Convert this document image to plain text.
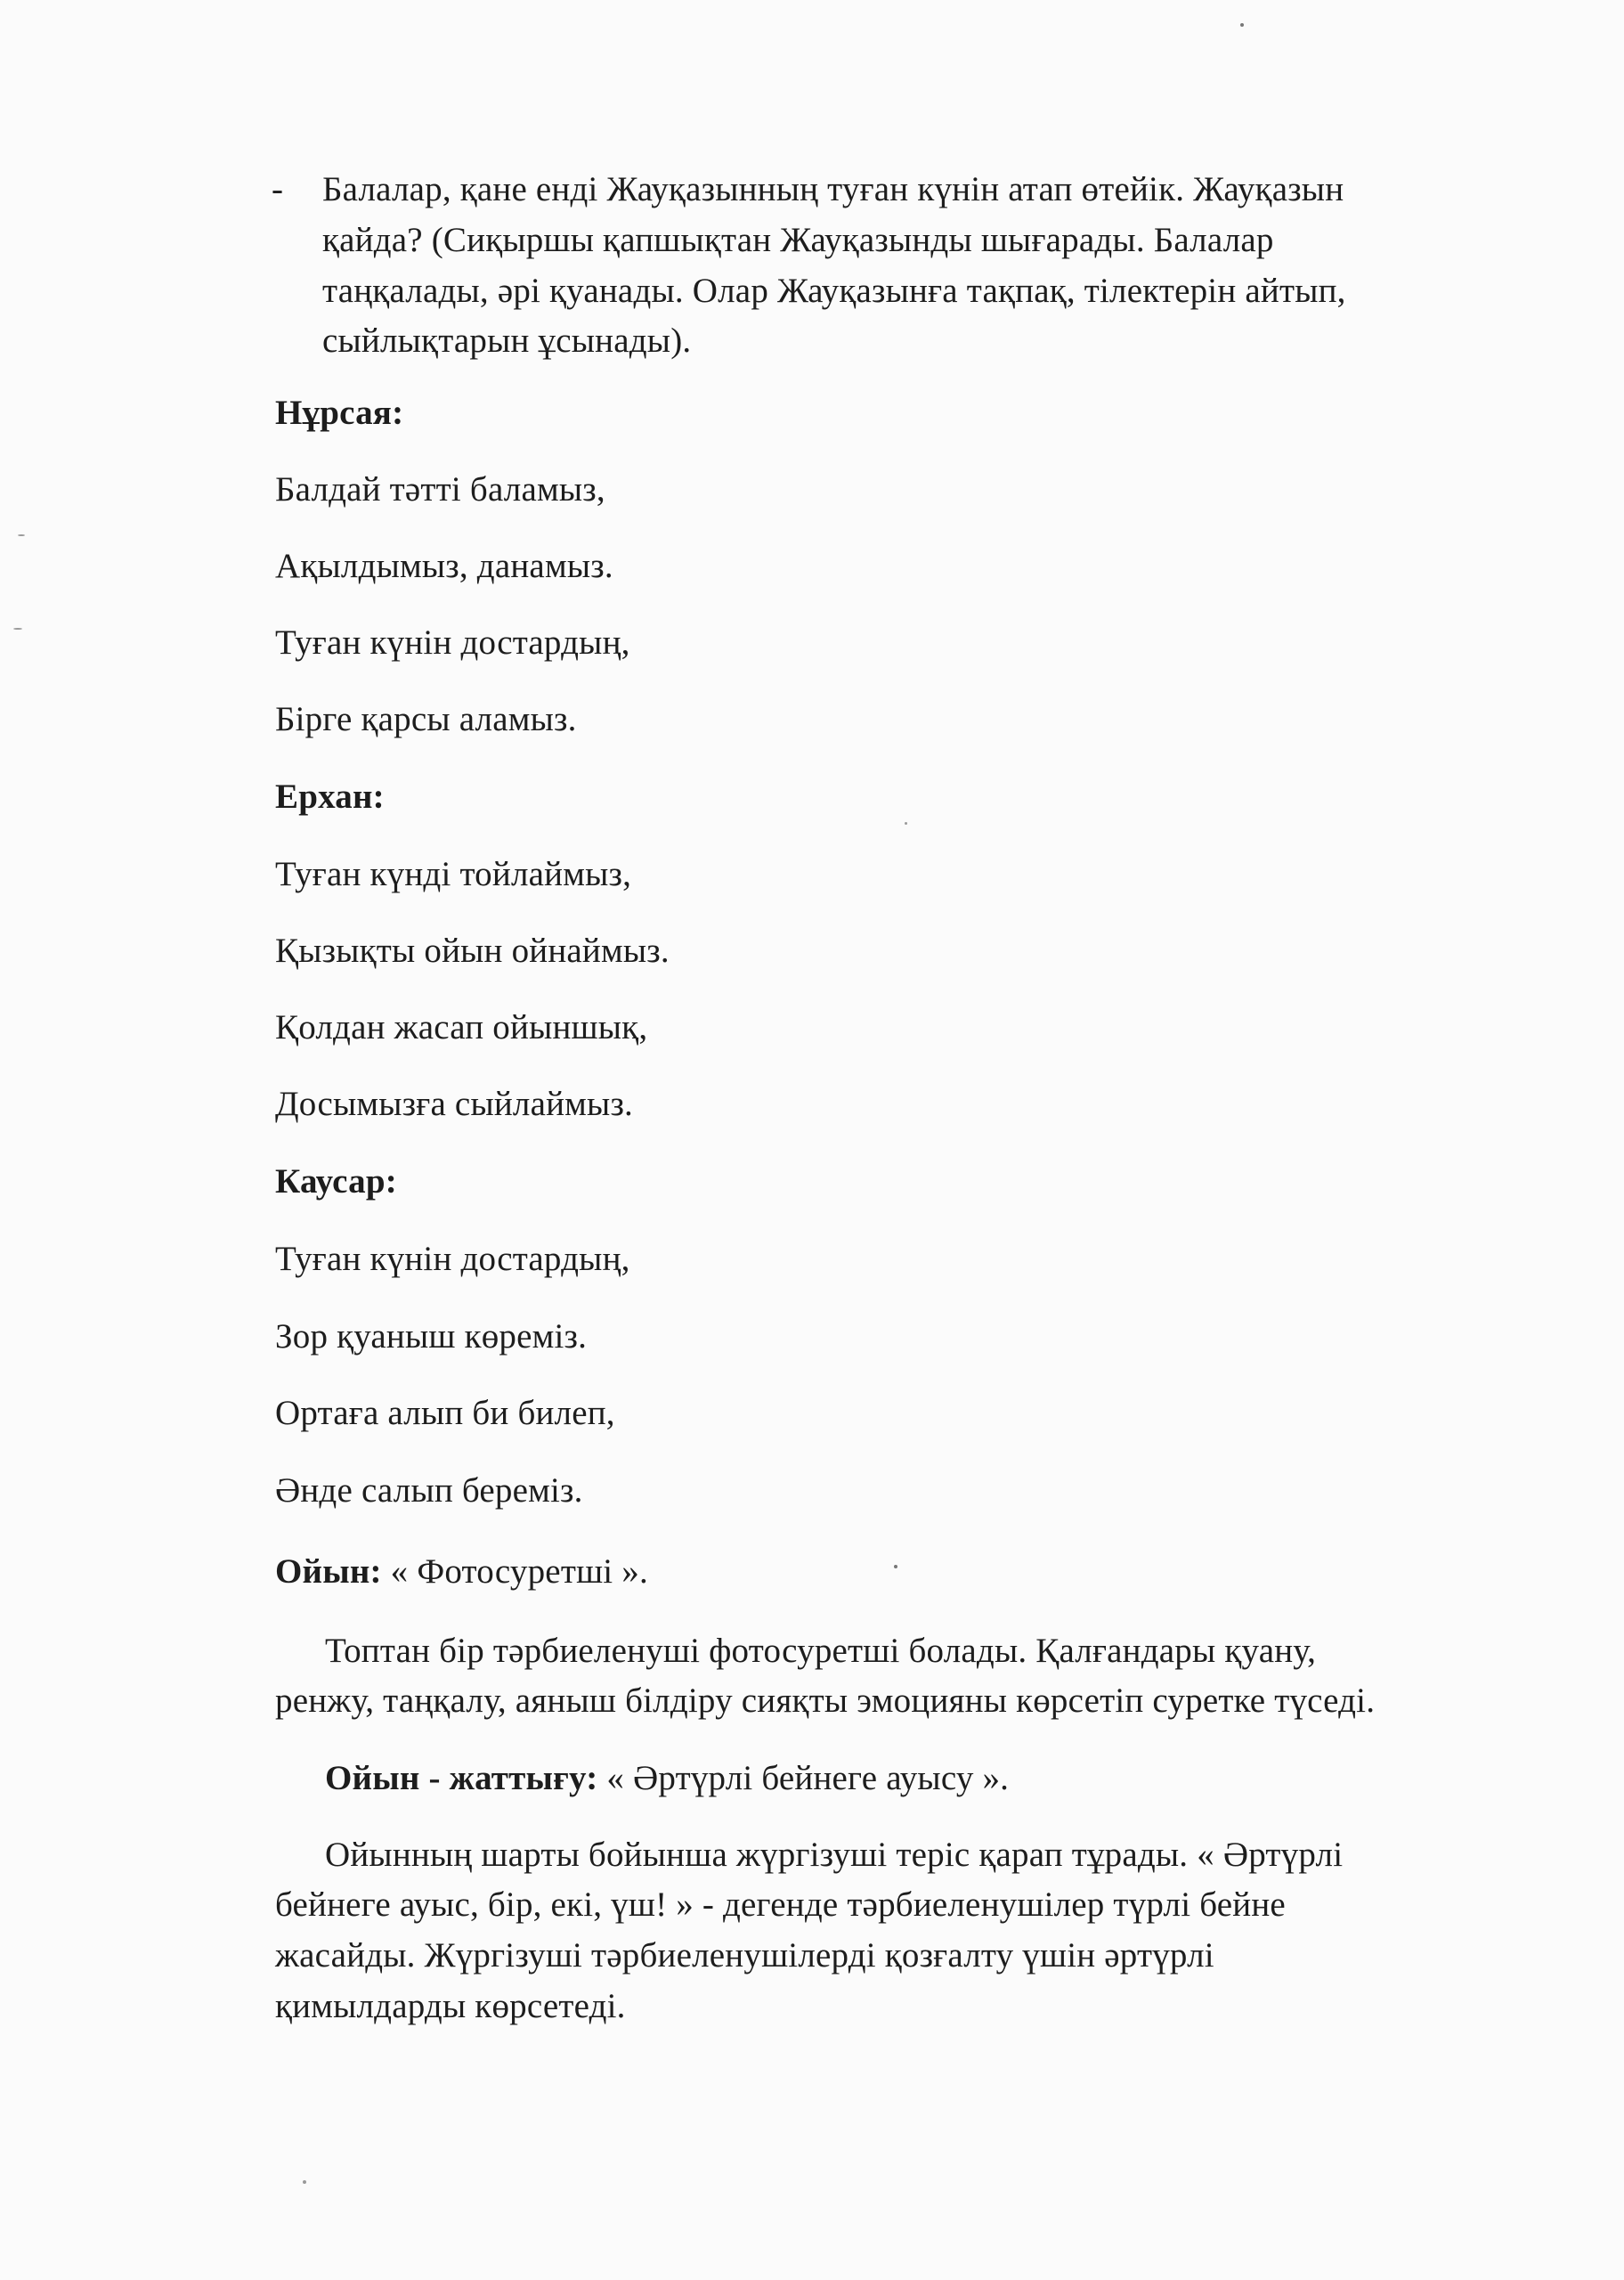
- Балалар, қане енді Жауқазынның туған күнін атап өтейік. Жауқазын
қайда? (Сиқыршы қапшықтан Жауқазынды шығарады. Балалар
таңқалады, әрі қуанады. Олар Жауқазынға тақпақ, тілектерін айтып,
сыйлықтарын ұсынады).
Нұрсая:
Балдай тәтті баламыз,
Ақылдымыз, данамыз.
Туған күнін достардың,
Бірге қарсы аламыз.
Ерхан:
Туған күнді тойлаймыз,
Қызықты ойын ойнаймыз.
Қолдан жасап ойыншық,
Досымызға сыйлаймыз.
Каусар:
Туған күнін достардың,
Зор қуаныш көреміз.
Ортаға алып би билеп,
Әнде салып береміз.
Ойын: « Фотосуретші ».
Топтан бір тәрбиеленуші фотосуретші болады. Қалғандары қуану,
ренжу, таңқалу, аяныш білдіру сияқты эмоцияны көрсетіп суретке түседі.
Ойын - жаттығу: « Әртүрлі бейнеге ауысу ».
Ойынның шарты бойынша жүргізуші теріс қарап тұрады. « Әртүрлі
бейнеге ауыс, бір, екі, үш! » - дегенде тәрбиеленушілер түрлі бейне
жасайды. Жүргізуші тәрбиеленушілерді қозғалту үшін әртүрлі
қимылдарды көрсетеді.
